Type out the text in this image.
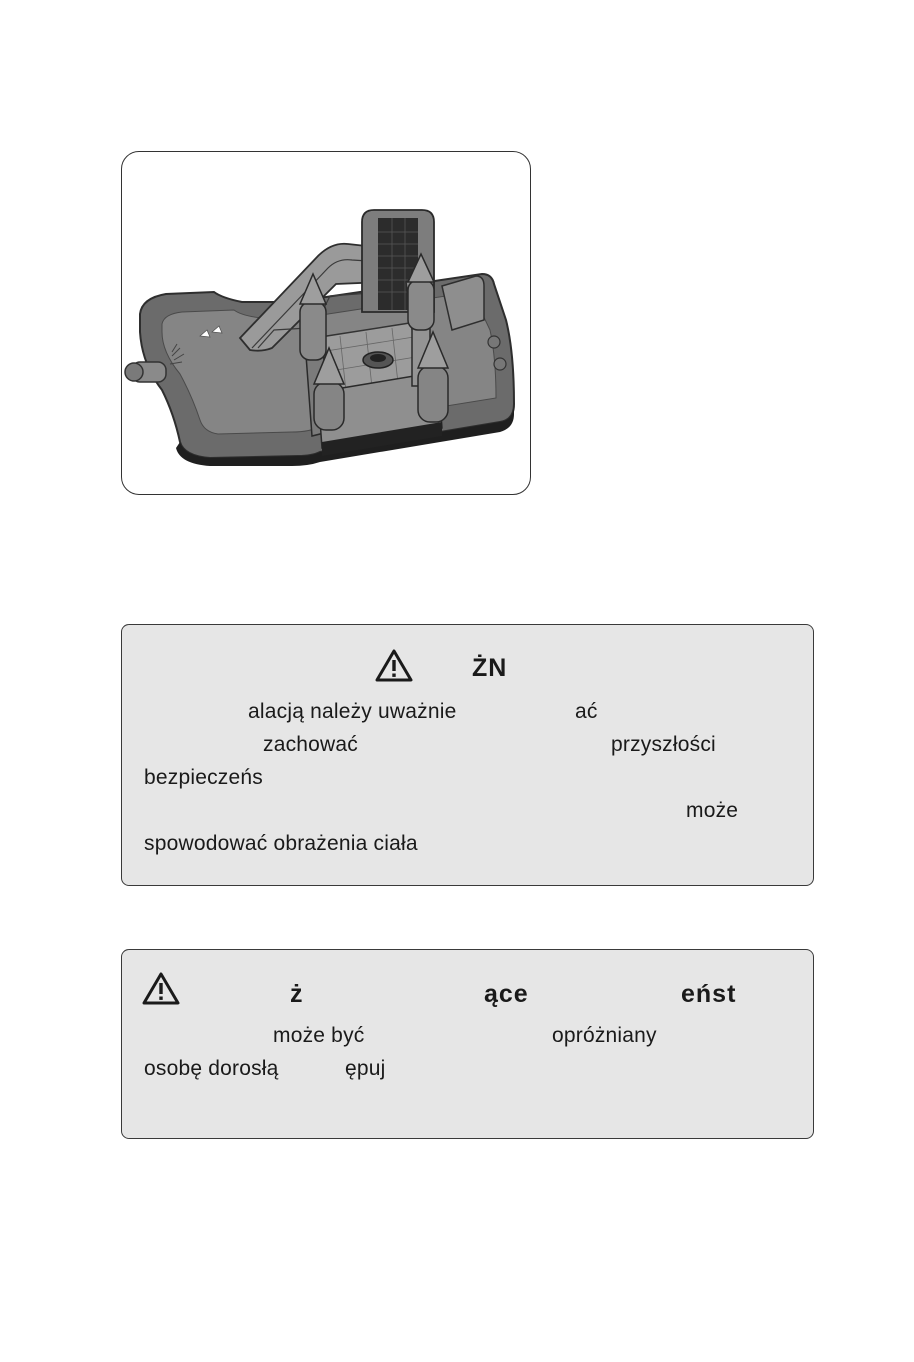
ŻN
alacją należy uważnie	ać
zachować	przyszłości
bezpieczeńs
może
spowodować obrażenia ciała
ż	ące	eńst
może być	opróżniany
osobę dorosłą	ępuj
